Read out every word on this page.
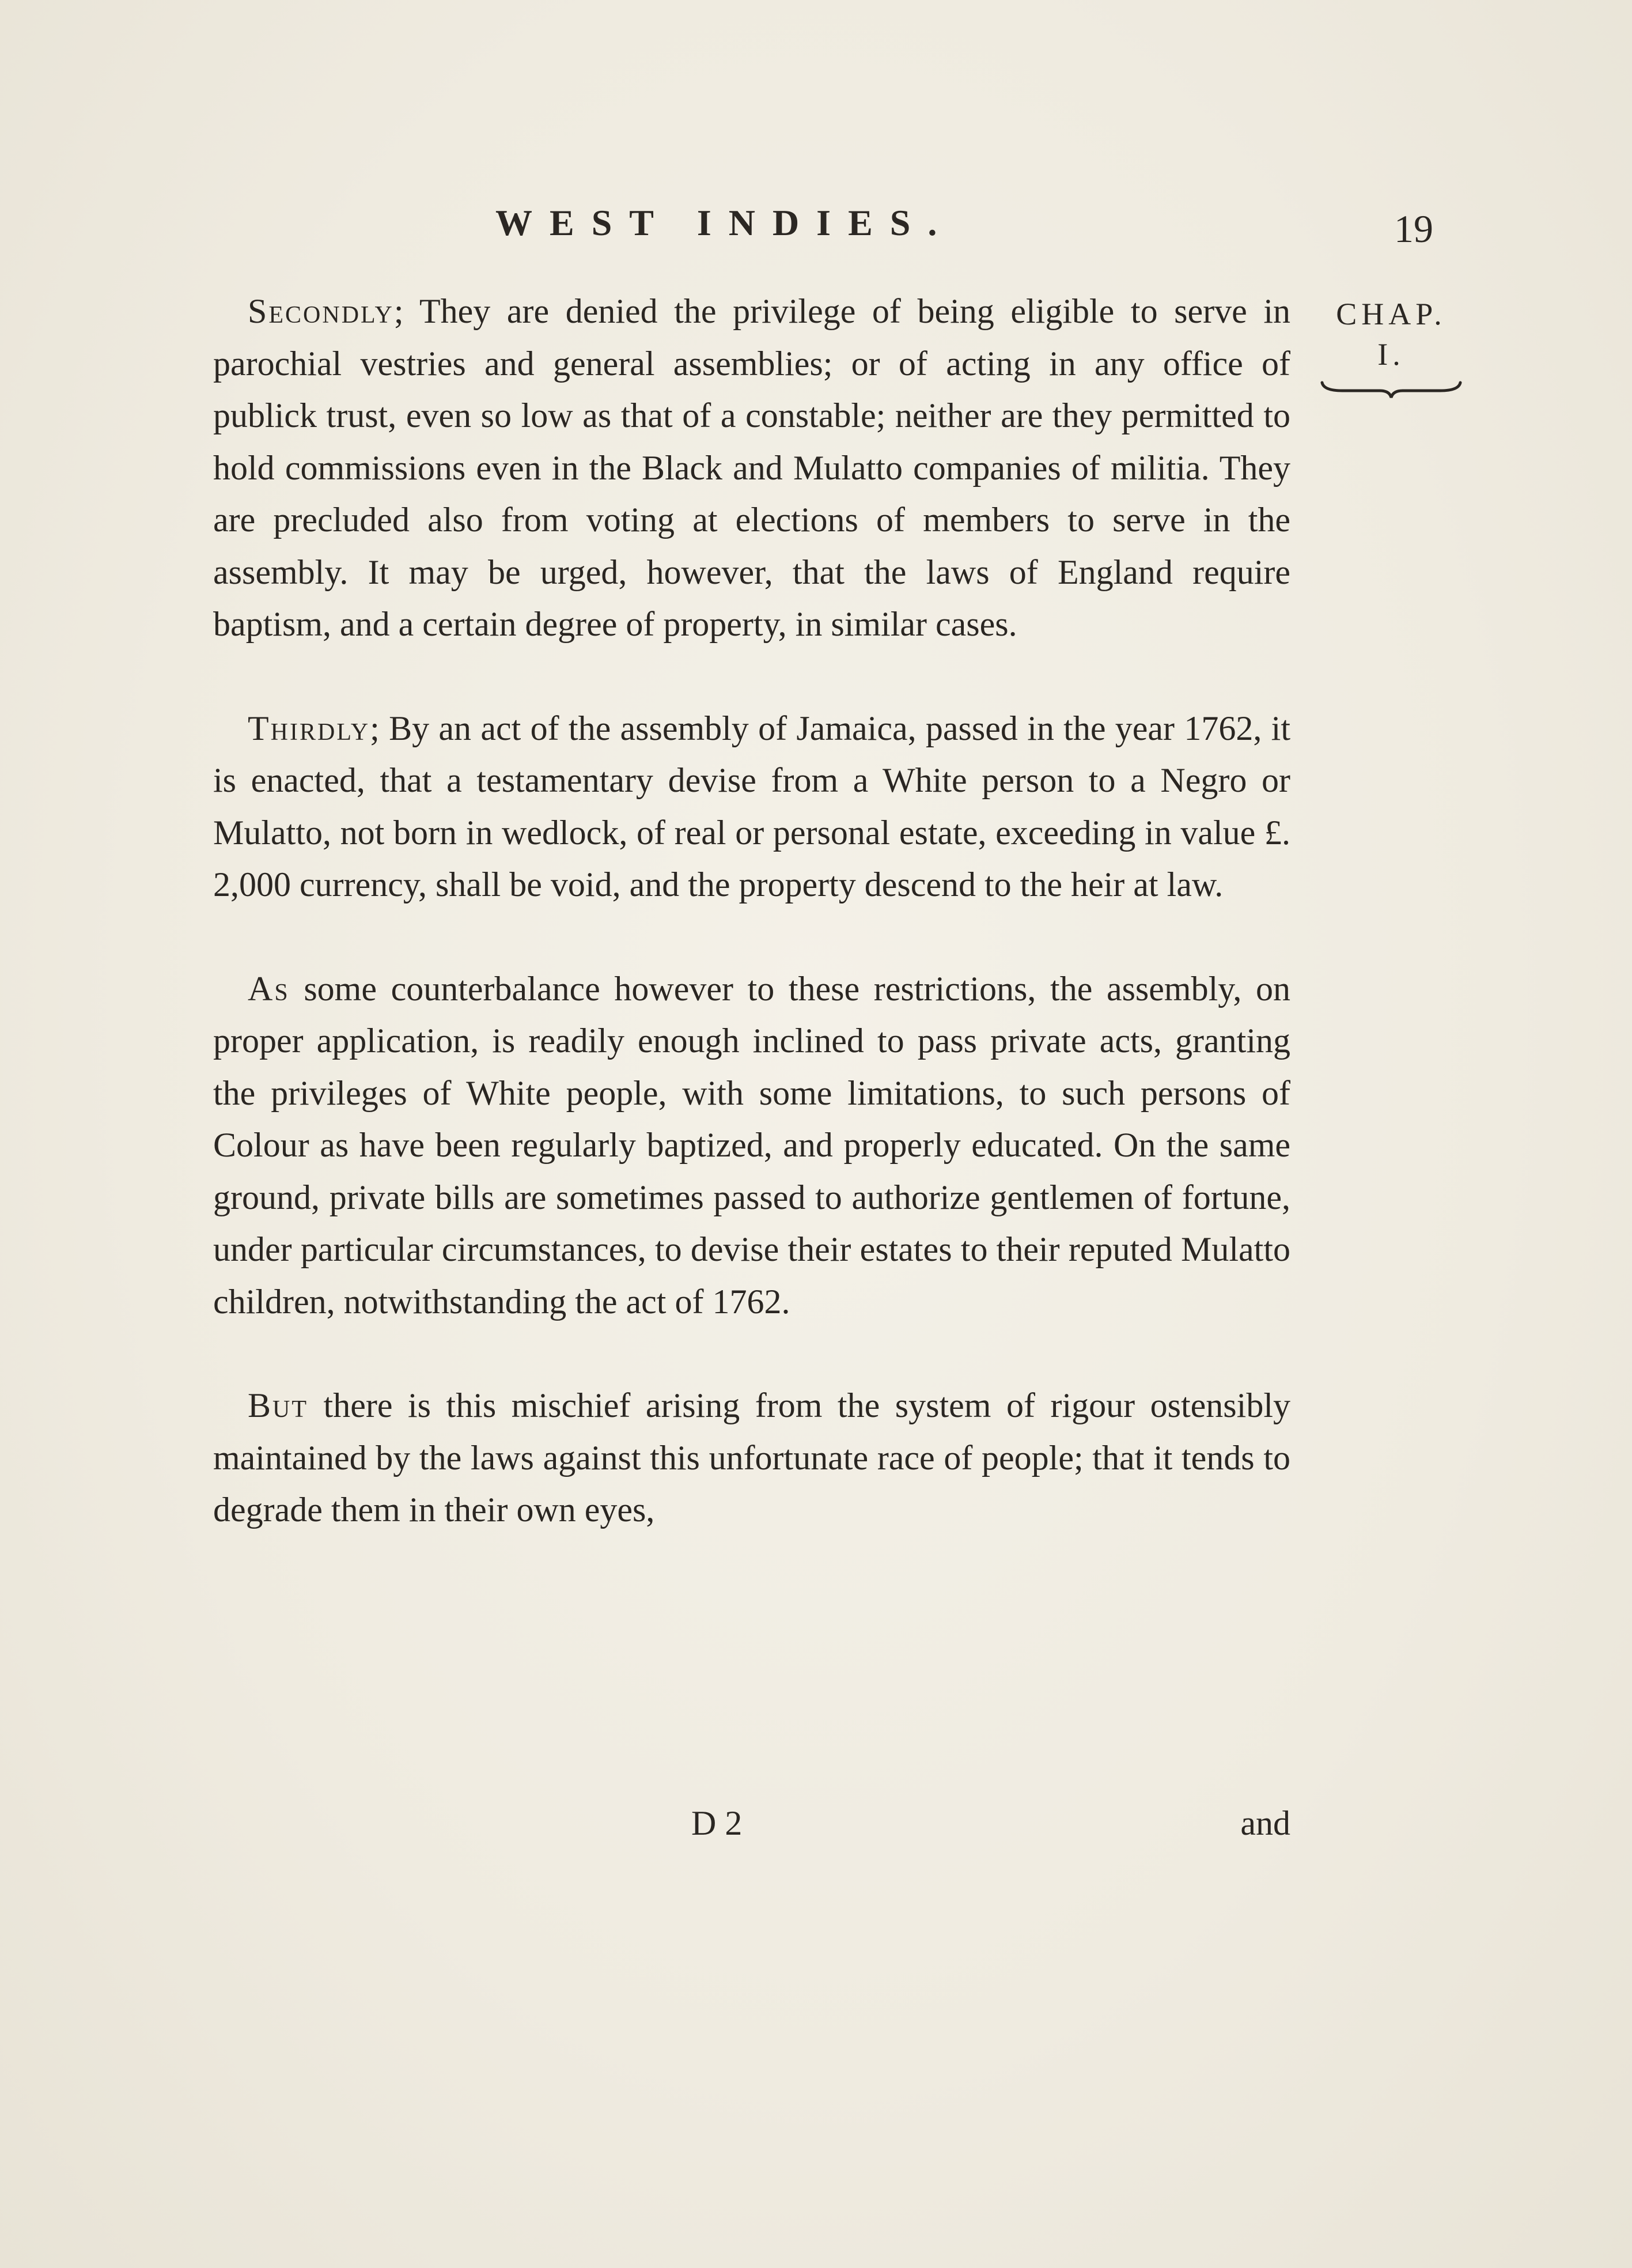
WEST INDIES.	19
CHAP.
I.

Secondly; They are denied the privilege of being eligible to serve in parochial vestries and general assemblies; or of acting in any office of publick trust, even so low as that of a constable; neither are they permitted to hold commissions even in the Black and Mulatto companies of militia. They are precluded also from voting at elections of members to serve in the assembly. It may be urged, however, that the laws of England require baptism, and a certain degree of property, in similar cases.

Thirdly; By an act of the assembly of Jamaica, passed in the year 1762, it is enacted, that a testamentary devise from a White person to a Negro or Mulatto, not born in wedlock, of real or personal estate, exceeding in value £. 2,000 currency, shall be void, and the property descend to the heir at law.

As some counterbalance however to these restrictions, the assembly, on proper application, is readily enough inclined to pass private acts, granting the privileges of White people, with some limitations, to such persons of Colour as have been regularly baptized, and properly educated. On the same ground, private bills are sometimes passed to authorize gentlemen of fortune, under particular circumstances, to devise their estates to their reputed Mulatto children, notwithstanding the act of 1762.

But there is this mischief arising from the system of rigour ostensibly maintained by the laws against this unfortunate race of people; that it tends to degrade them in their own eyes,

D 2	and
